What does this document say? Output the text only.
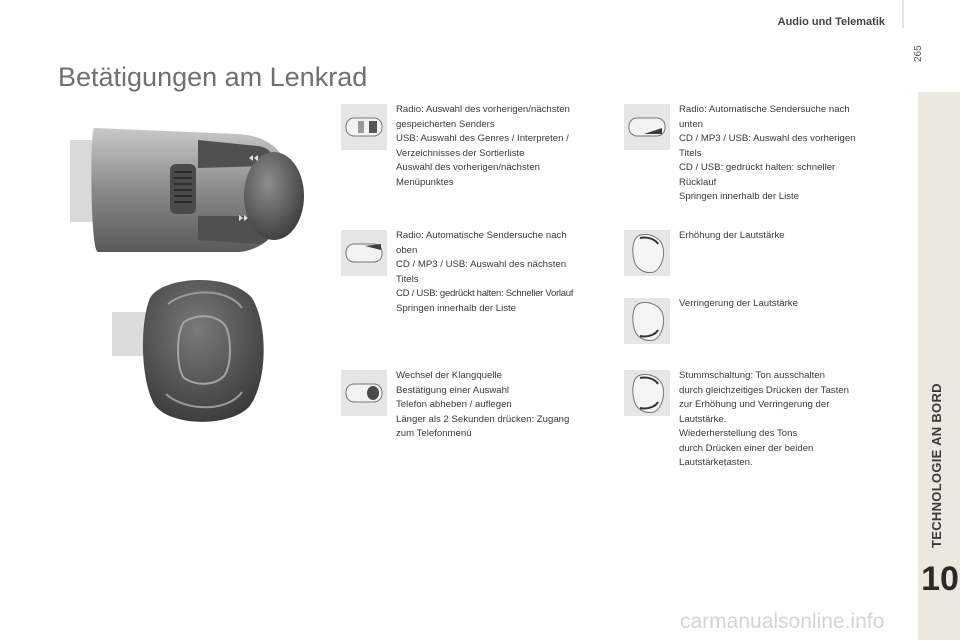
Audio und Telematik
265
TECHNOLOGIE AN BORD
10
Betätigungen am Lenkrad
Radio: Auswahl des vorherigen/nächsten
gespeicherten Senders
USB: Auswahl des Genres / Interpreten /
Verzeichnisses der Sortierliste
Auswahl des vorherigen/nächsten
Menüpunktes
Radio: Automatische Sendersuche nach
unten
CD / MP3 / USB: Auswahl des vorherigen
Titels
CD / USB: gedrückt halten: schneller
Rücklauf
Springen innerhalb der Liste
Radio: Automatische Sendersuche nach
oben
CD / MP3 / USB: Auswahl des nächsten
Titels
CD / USB: gedrückt halten: Schneller Vorlauf
Springen innerhalb der Liste
Erhöhung der Lautstärke
Verringerung der Lautstärke
Wechsel der Klangquelle
Bestätigung einer Auswahl
Telefon abheben / auflegen
Länger als 2 Sekunden drücken: Zugang
zum Telefonmenü
Stummschaltung: Ton ausschalten
durch gleichzeitiges Drücken der Tasten
zur Erhöhung und Verringerung der
Lautstärke.
Wiederherstellung des Tons
durch Drücken einer der beiden
Lautstärketasten.
carmanualsonline.info
